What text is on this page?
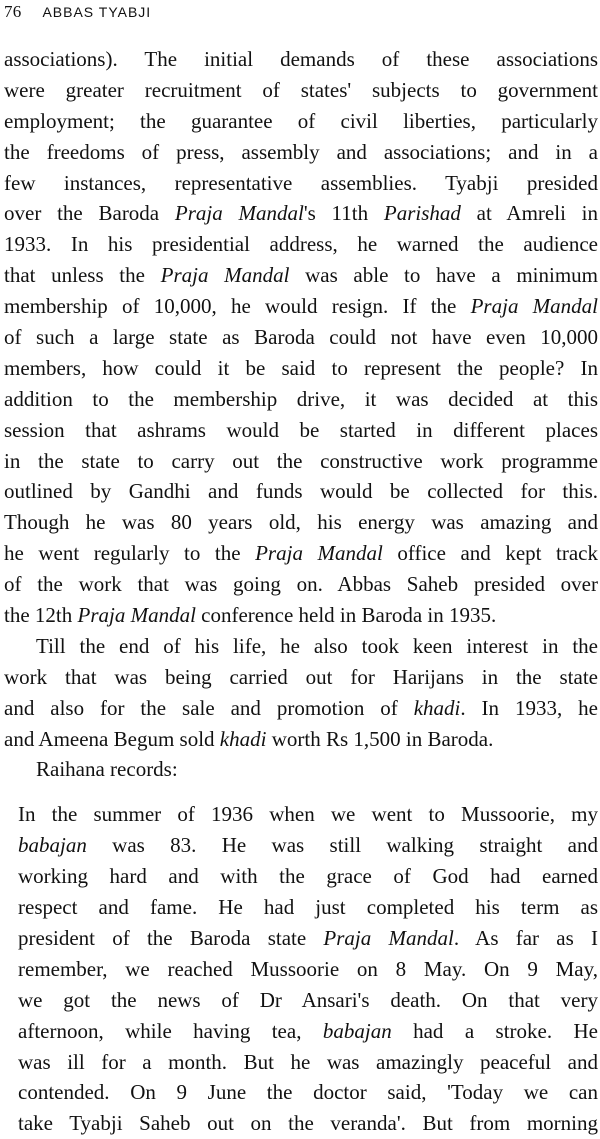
76 ABBAS TYABJI
associations). The initial demands of these associations
were greater recruitment of states' subjects to government
employment; the guarantee of civil liberties, particularly
the freedoms of press, assembly and associations; and in a
few instances, representative assemblies. Tyabji presided
over the Baroda Praja Mandal's 11th Parishad at Amreli in
1933. In his presidential address, he warned the audience
that unless the Praja Mandal was able to have a minimum
membership of 10,000, he would resign. If the Praja Mandal
of such a large state as Baroda could not have even 10,000
members, how could it be said to represent the people? In
addition to the membership drive, it was decided at this
session that ashrams would be started in different places
in the state to carry out the constructive work programme
outlined by Gandhi and funds would be collected for this.
Though he was 80 years old, his energy was amazing and
he went regularly to the Praja Mandal office and kept track
of the work that was going on. Abbas Saheb presided over
the 12th Praja Mandal conference held in Baroda in 1935.
Till the end of his life, he also took keen interest in the
work that was being carried out for Harijans in the state
and also for the sale and promotion of khadi. In 1933, he
and Ameena Begum sold khadi worth Rs 1,500 in Baroda.
Raihana records:
In the summer of 1936 when we went to Mussoorie, my
babajan was 83. He was still walking straight and
working hard and with the grace of God had earned
respect and fame. He had just completed his term as
president of the Baroda state Praja Mandal. As far as I
remember, we reached Mussoorie on 8 May. On 9 May,
we got the news of Dr Ansari's death. On that very
afternoon, while having tea, babajan had a stroke. He
was ill for a month. But he was amazingly peaceful and
contended. On 9 June the doctor said, 'Today we can
take Tyabji Saheb out on the veranda'. But from morning
